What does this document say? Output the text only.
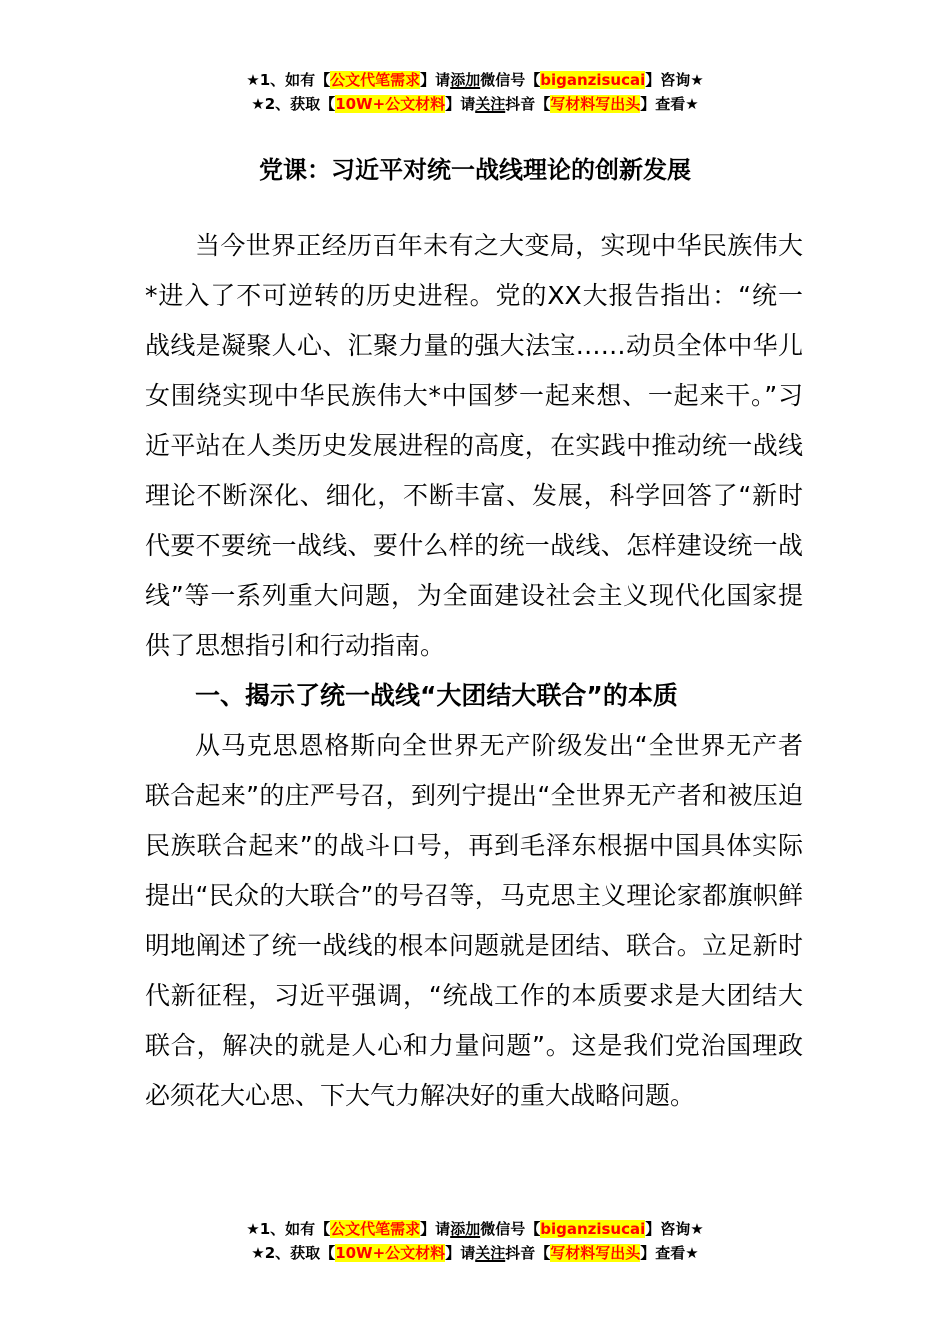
★1、如有【公文代笔需求】请添加微信号【biganzisucai】咨询★
★2、获取【10W+公文材料】请关注抖音【写材料写出头】查看★
党课：习近平对统一战线理论的创新发展

当今世界正经历百年未有之大变局，实现中华民族伟大*进入了不可逆转的历史进程。党的XX大报告指出：“统一战线是凝聚人心、汇聚力量的强大法宝……动员全体中华儿女围绕实现中华民族伟大*中国梦一起来想、一起来干。”习近平站在人类历史发展进程的高度，在实践中推动统一战线理论不断深化、细化，不断丰富、发展，科学回答了“新时代要不要统一战线、要什么样的统一战线、怎样建设统一战线”等一系列重大问题，为全面建设社会主义现代化国家提供了思想指引和行动指南。

一、揭示了统一战线“大团结大联合”的本质

从马克思恩格斯向全世界无产阶级发出“全世界无产者联合起来”的庄严号召，到列宁提出“全世界无产者和被压迫民族联合起来”的战斗口号，再到毛泽东根据中国具体实际提出“民众的大联合”的号召等，马克思主义理论家都旗帜鲜明地阐述了统一战线的根本问题就是团结、联合。立足新时代新征程，习近平强调，“统战工作的本质要求是大团结大联合，解决的就是人心和力量问题”。这是我们党治国理政必须花大心思、下大气力解决好的重大战略问题。

★1、如有【公文代笔需求】请添加微信号【biganzisucai】咨询★
★2、获取【10W+公文材料】请关注抖音【写材料写出头】查看★
